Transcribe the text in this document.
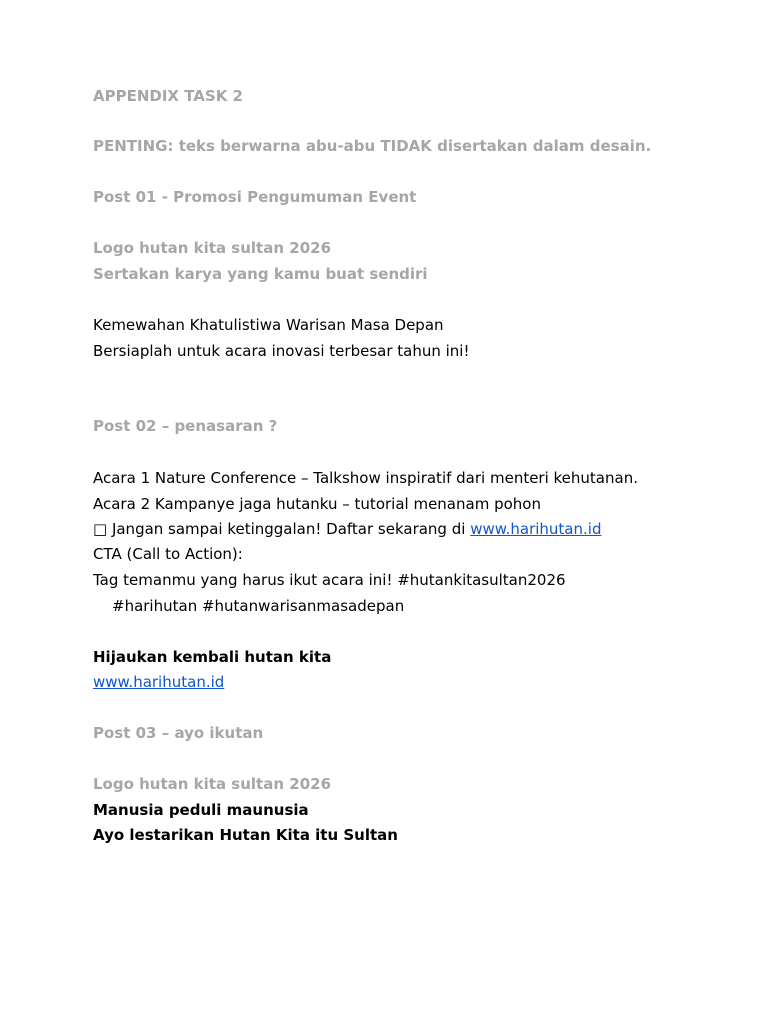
APPENDIX TASK 2
PENTING: teks berwarna abu-abu TIDAK disertakan dalam desain.
Post 01 - Promosi Pengumuman Event
Logo hutan kita sultan 2026
Sertakan karya yang kamu buat sendiri
Kemewahan Khatulistiwa Warisan Masa Depan
Bersiaplah untuk acara inovasi terbesar tahun ini!
Post 02 – penasaran ?
Acara 1 Nature Conference – Talkshow inspiratif dari menteri kehutanan.
Acara 2 Kampanye jaga hutanku – tutorial menanam pohon
□ Jangan sampai ketinggalan! Daftar sekarang di www.harihutan.id
CTA (Call to Action):
Tag temanmu yang harus ikut acara ini! #hutankitasultan2026
#harihutan #hutanwarisanmasadepan
Hijaukan kembali hutan kita
www.harihutan.id
Post 03 – ayo ikutan
Logo hutan kita sultan 2026
Manusia peduli maunusia
Ayo lestarikan Hutan Kita itu Sultan
